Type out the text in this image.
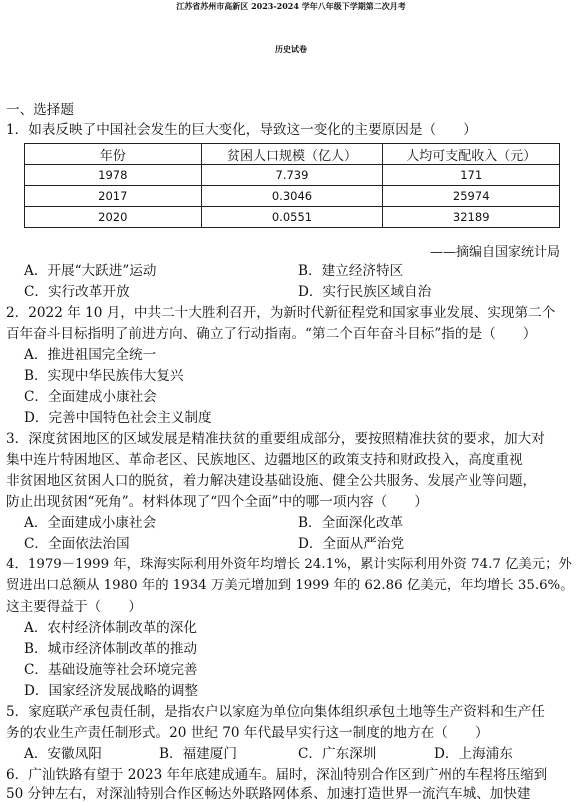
江苏省苏州市高新区 2023-2024 学年八年级下学期第二次月考
历史试卷
一、选择题
1．如表反映了中国社会发生的巨大变化，导致这一变化的主要原因是（　　）
年份	贫困人口规模（亿人）	人均可支配收入（元）
1978	7.739	171
2017	0.3046	25974
2020	0.0551	32189
——摘编自国家统计局
A．开展“大跃进”运动	B．建立经济特区
C．实行改革开放	D．实行民族区域自治
2．2022 年 10 月，中共二十大胜利召开，为新时代新征程党和国家事业发展、实现第二个
百年奋斗目标指明了前进方向、确立了行动指南。“第二个百年奋斗目标”指的是（　　）
A．推进祖国完全统一
B．实现中华民族伟大复兴
C．全面建成小康社会
D．完善中国特色社会主义制度
3．深度贫困地区的区域发展是精准扶贫的重要组成部分，要按照精准扶贫的要求，加大对
集中连片特困地区、革命老区、民族地区、边疆地区的政策支持和财政投入，高度重视
非贫困地区贫困人口的脱贫，着力解决建设基础设施、健全公共服务、发展产业等问题，
防止出现贫困“死角”。材料体现了“四个全面”中的哪一项内容（　　）
A．全面建成小康社会	B．全面深化改革
C．全面依法治国	D．全面从严治党
4．1979－1999 年，珠海实际利用外资年均增长 24.1%，累计实际利用外资 74.7 亿美元；外
贸进出口总额从 1980 年的 1934 万美元增加到 1999 年的 62.86 亿美元，年均增长 35.6%。
这主要得益于（　　）
A．农村经济体制改革的深化
B．城市经济体制改革的推动
C．基础设施等社会环境完善
D．国家经济发展战略的调整
5．家庭联产承包责任制，是指农户以家庭为单位向集体组织承包土地等生产资料和生产任
务的农业生产责任制形式。20 世纪 70 年代最早实行这一制度的地方在（　　）
A．安徽凤阳	B．福建厦门	C．广东深圳	D．上海浦东
6．广汕铁路有望于 2023 年年底建成通车。届时，深汕特别合作区到广州的车程将压缩到
50 分钟左右，对深汕特别合作区畅达外联路网体系、加速打造世界一流汽车城、加快建
